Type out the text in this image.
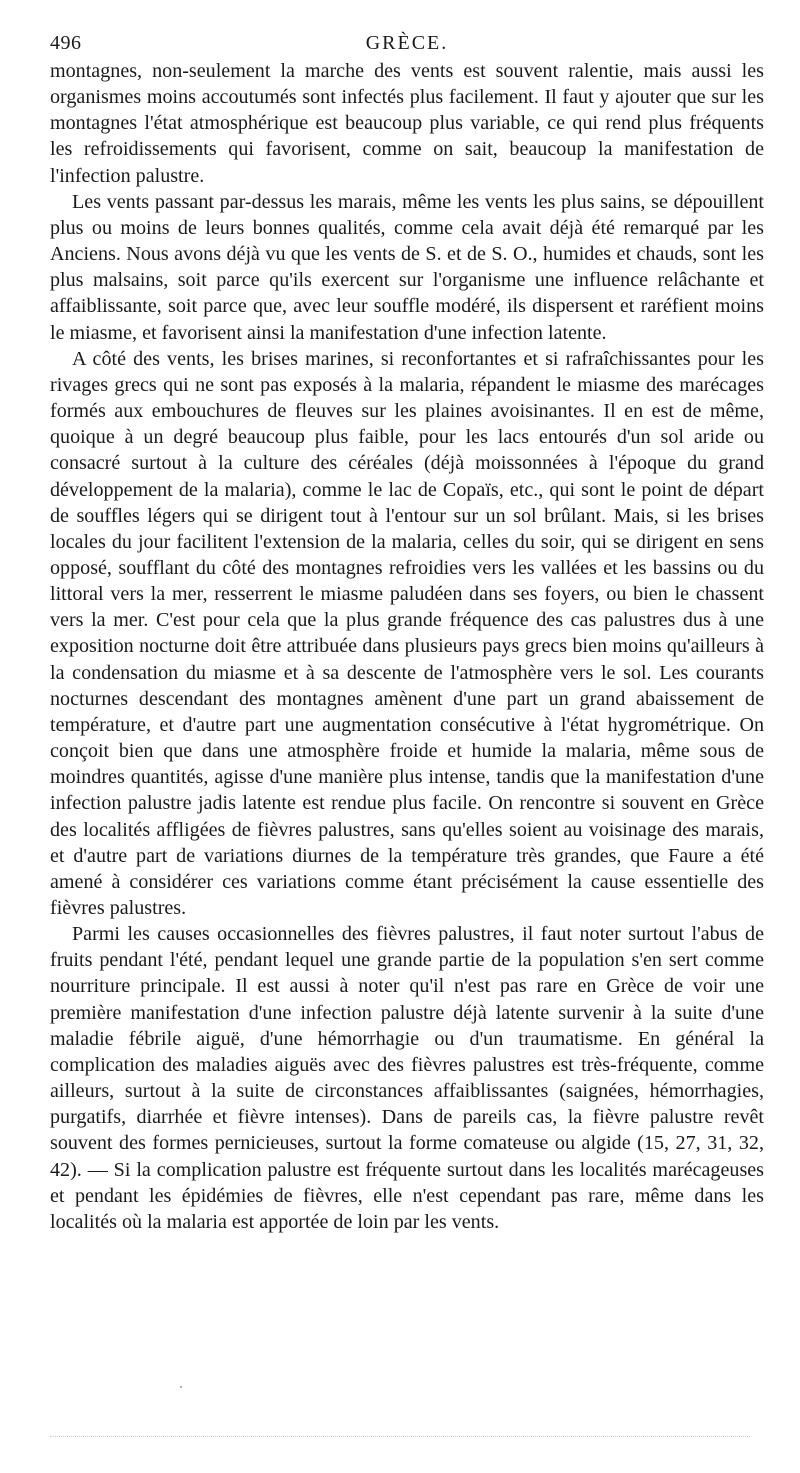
496	GRÈCE.

montagnes, non-seulement la marche des vents est souvent ralentie, mais aussi les organismes moins accoutumés sont infectés plus facilement. Il faut y ajouter que sur les montagnes l'état atmosphérique est beaucoup plus variable, ce qui rend plus fréquents les refroidissements qui favorisent, comme on sait, beaucoup la manifestation de l'infection palustre.

Les vents passant par-dessus les marais, même les vents les plus sains, se dépouillent plus ou moins de leurs bonnes qualités, comme cela avait déjà été remarqué par les Anciens. Nous avons déjà vu que les vents de S. et de S. O., humides et chauds, sont les plus malsains, soit parce qu'ils exercent sur l'organisme une influence relâchante et affaiblissante, soit parce que, avec leur souffle modéré, ils dispersent et raréfient moins le miasme, et favorisent ainsi la manifestation d'une infection latente.

A côté des vents, les brises marines, si reconfortantes et si rafraîchissantes pour les rivages grecs qui ne sont pas exposés à la malaria, répandent le miasme des marécages formés aux embouchures de fleuves sur les plaines avoisinantes. Il en est de même, quoique à un degré beaucoup plus faible, pour les lacs entourés d'un sol aride ou consacré surtout à la culture des céréales (déjà moissonnées à l'époque du grand développement de la malaria), comme le lac de Copaïs, etc., qui sont le point de départ de souffles légers qui se dirigent tout à l'entour sur un sol brûlant. Mais, si les brises locales du jour facilitent l'extension de la malaria, celles du soir, qui se dirigent en sens opposé, soufflant du côté des montagnes refroidies vers les vallées et les bassins ou du littoral vers la mer, resserrent le miasme paludéen dans ses foyers, ou bien le chassent vers la mer. C'est pour cela que la plus grande fréquence des cas palustres dus à une exposition nocturne doit être attribuée dans plusieurs pays grecs bien moins qu'ailleurs à la condensation du miasme et à sa descente de l'atmosphère vers le sol. Les courants nocturnes descendant des montagnes amènent d'une part un grand abaissement de température, et d'autre part une augmentation consécutive à l'état hygrométrique. On conçoit bien que dans une atmosphère froide et humide la malaria, même sous de moindres quantités, agisse d'une manière plus intense, tandis que la manifestation d'une infection palustre jadis latente est rendue plus facile. On rencontre si souvent en Grèce des localités affligées de fièvres palustres, sans qu'elles soient au voisinage des marais, et d'autre part de variations diurnes de la température très grandes, que Faure a été amené à considérer ces variations comme étant précisément la cause essentielle des fièvres palustres.

Parmi les causes occasionnelles des fièvres palustres, il faut noter surtout l'abus de fruits pendant l'été, pendant lequel une grande partie de la population s'en sert comme nourriture principale. Il est aussi à noter qu'il n'est pas rare en Grèce de voir une première manifestation d'une infection palustre déjà latente survenir à la suite d'une maladie fébrile aiguë, d'une hémorrhagie ou d'un traumatisme. En général la complication des maladies aiguës avec des fièvres palustres est très-fréquente, comme ailleurs, surtout à la suite de circonstances affaiblissantes (saignées, hémorrhagies, purgatifs, diarrhée et fièvre intenses). Dans de pareils cas, la fièvre palustre revêt souvent des formes pernicieuses, surtout la forme comateuse ou algide (15, 27, 31, 32, 42). — Si la complication palustre est fréquente surtout dans les localités marécageuses et pendant les épidémies de fièvres, elle n'est cependant pas rare, même dans les localités où la malaria est apportée de loin par les vents.
